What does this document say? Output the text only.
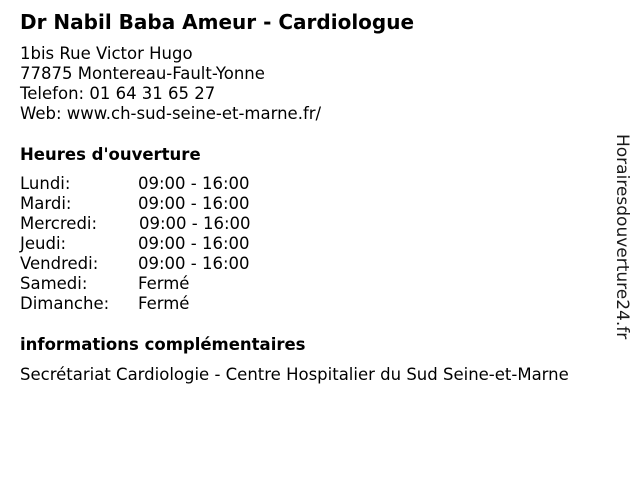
Dr Nabil Baba Ameur - Cardiologue
1bis Rue Victor Hugo
77875 Montereau-Fault-Yonne
Telefon: 01 64 31 65 27
Web: www.ch-sud-seine-et-marne.fr/
Heures d'ouverture
Lundi:	09:00 - 16:00
Mardi:	09:00 - 16:00
Mercredi:	09:00 - 16:00
Jeudi:	09:00 - 16:00
Vendredi: 09:00 - 16:00
Samedi:	Fermé
Dimanche: Fermé
informations complémentaires
Secrétariat Cardiologie - Centre Hospitalier du Sud Seine-et-Marne
Horairesdouverture24.fr
